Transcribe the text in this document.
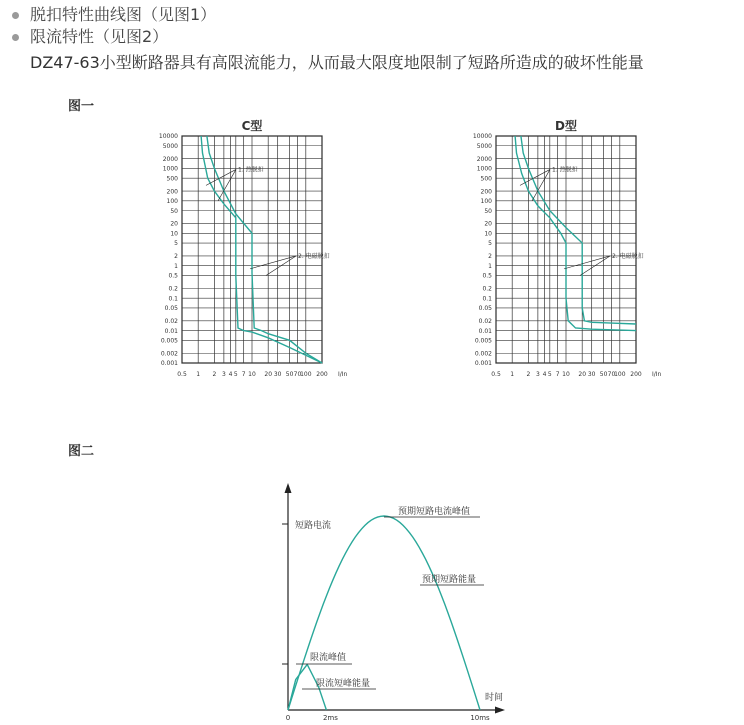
脱扣特性曲线图（见图1）
限流特性（见图2）
DZ47-63小型断路器具有高限流能力，从而最大限度地限制了短路所造成的破坏性能量
图一
图二
C型
10000
5000
2000
1000
500
200
100
50
20
10
5
2
1
0.5
0.2
0.1
0.05
0.02
0.01
0.005
0.002
0.001
0.5 1 2 3 4 5 7 10 20 30 50 70
100 200 I/In
1. 热脱扣
2. 电磁脱扣
D型
10000
5000
2000
1000
500
200
100
50
20
10
5
2
1
0.5
0.2
0.1
0.05
0.02
0.01
0.005
0.002
0.001
0.5 1 2 3 4 5 7 10 20 30 50 70
100 200 I/In
1. 热脱扣
2. 电磁脱扣
短路电流
时间
0	2ms	10ms
预期短路电流峰值
预期短路能量
限流峰值
限流短峰能量
